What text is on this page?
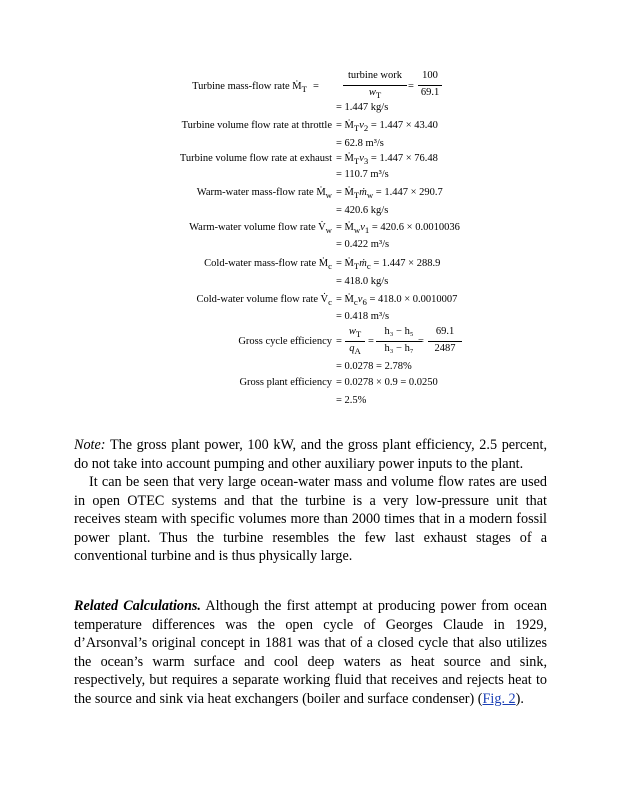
Turbine mass-flow rate Ṁ$_T$ =
turbine work
$w_T$
=
100
69.1
= 1.447 kg/s
Turbine volume flow rate at throttle = $Ṁ_Tv_2 = 1.447 \times 43.40$
= 62.8 m³/s
Turbine volume flow rate at exhaust = $Ṁ_Tv_3 = 1.447 \times 76.48$
= 110.7 m³/s
Warm-water mass-flow rate Ṁ$_w$ = Ṁ$_T$ṁ$_w$ = 1.447 × 290.7
= 420.6 kg/s
Warm-water volume flow rate $V̇_w$ = $Ṁ_wv_1 = 420.6 \times 0.0010036$
= 0.422 m³/s
Cold-water mass-flow rate Ṁ$_c$ = Ṁ$_T$ṁ$_c$ = 1.447 × 288.9
= 418.0 kg/s
Cold-water volume flow rate $V̇_c$ = $Ṁ_cv_6 = 418.0 \times 0.0010007$
= 0.418 m³/s
Gross cycle efficiency =
$w_T$
$q_A$
=
h₃ − h₅
h₃ − h₇
=
69.1
2487
= 0.0278 = 2.78%
Gross plant efficiency = 0.0278 × 0.9 = 0.0250
= 2.5%

Note: The gross plant power, 100 kW, and the gross plant efficiency, 2.5 percent, do not take into account pumping and other auxiliary power inputs to the plant.

It can be seen that very large ocean-water mass and volume flow rates are used in open OTEC systems and that the turbine is a very low-pressure unit that receives steam with specific volumes more than 2000 times that in a modern fossil power plant. Thus the turbine resembles the few last exhaust stages of a conventional turbine and is thus physically large.

Related Calculations. Although the first attempt at producing power from ocean temperature differences was the open cycle of Georges Claude in 1929, d’Arsonval’s original concept in 1881 was that of a closed cycle that also utilizes the ocean’s warm surface and cool deep waters as heat source and sink, respectively, but requires a separate working fluid that receives and rejects heat to the source and sink via heat exchangers (boiler and surface condenser) (Fig. 2).
